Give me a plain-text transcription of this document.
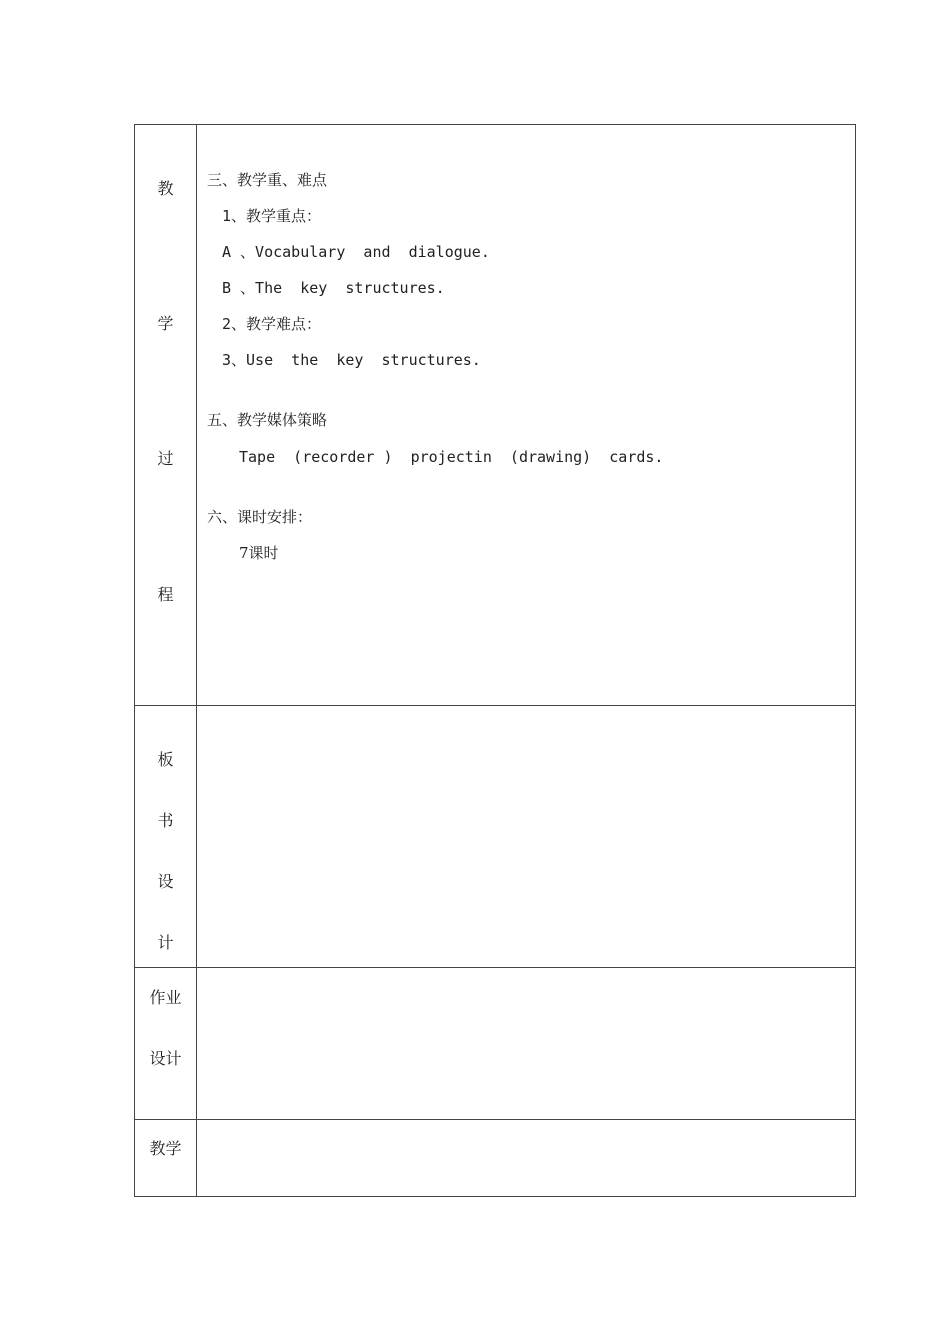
教
学
过
程
三、教学重、难点
1、教学重点：
A 、Vocabulary  and  dialogue.
B 、The  key  structures.
2、教学难点：
3、Use  the  key  structures.
五、教学媒体策略
Tape  (recorder )  projectin  (drawing)  cards.
六、课时安排：
7课时
板
书
设
计
作业
设计
教学
